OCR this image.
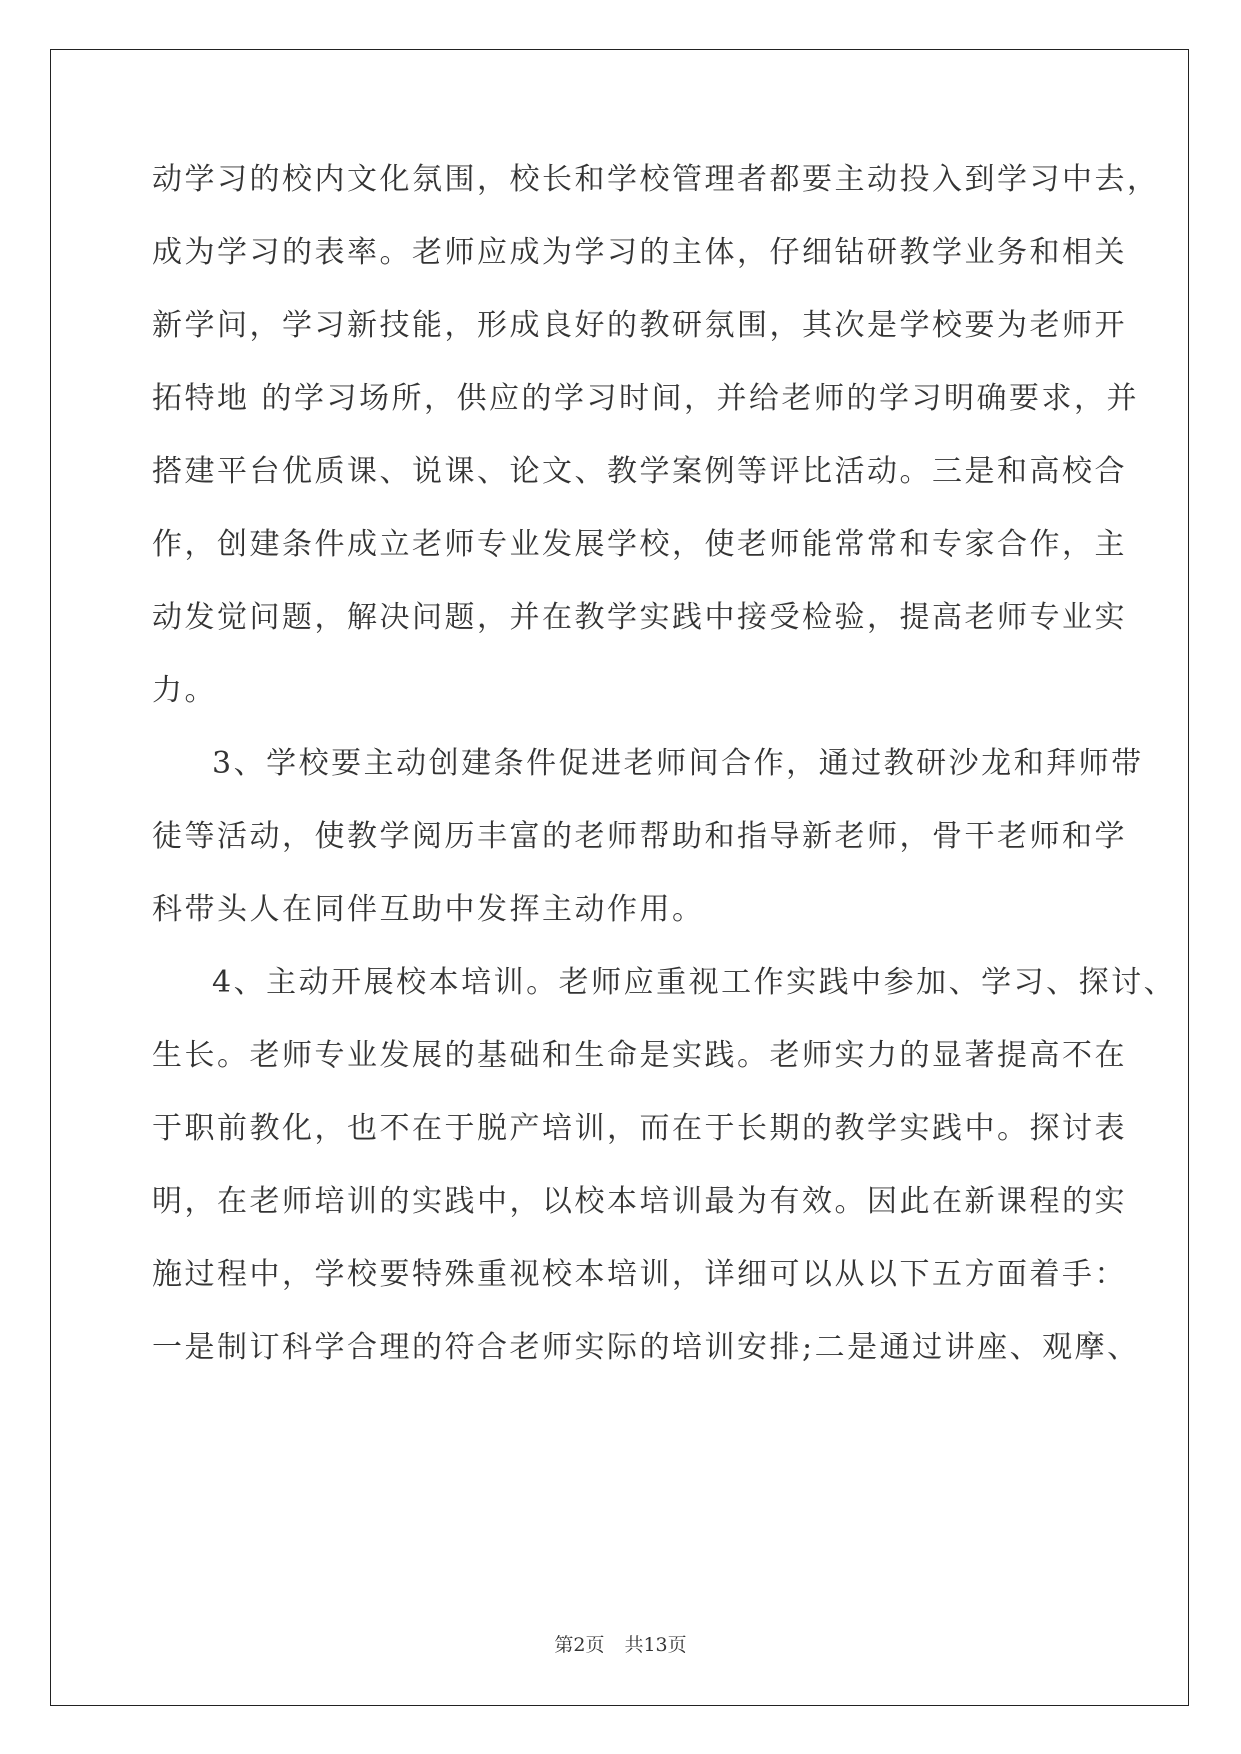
动学习的校内文化氛围，校长和学校管理者都要主动投入到学习中去，
成为学习的表率。老师应成为学习的主体，仔细钻研教学业务和相关
新学问，学习新技能，形成良好的教研氛围，其次是学校要为老师开
拓特地 的学习场所，供应的学习时间，并给老师的学习明确要求，并
搭建平台优质课、说课、论文、教学案例等评比活动。三是和高校合
作，创建条件成立老师专业发展学校，使老师能常常和专家合作，主
动发觉问题，解决问题，并在教学实践中接受检验，提高老师专业实
力。
3、学校要主动创建条件促进老师间合作，通过教研沙龙和拜师带
徒等活动，使教学阅历丰富的老师帮助和指导新老师，骨干老师和学
科带头人在同伴互助中发挥主动作用。
4、主动开展校本培训。老师应重视工作实践中参加、学习、探讨、
生长。老师专业发展的基础和生命是实践。老师实力的显著提高不在
于职前教化，也不在于脱产培训，而在于长期的教学实践中。探讨表
明，在老师培训的实践中，以校本培训最为有效。因此在新课程的实
施过程中，学校要特殊重视校本培训，详细可以从以下五方面着手：
一是制订科学合理的符合老师实际的培训安排;二是通过讲座、观摩、
第2页 共13页
